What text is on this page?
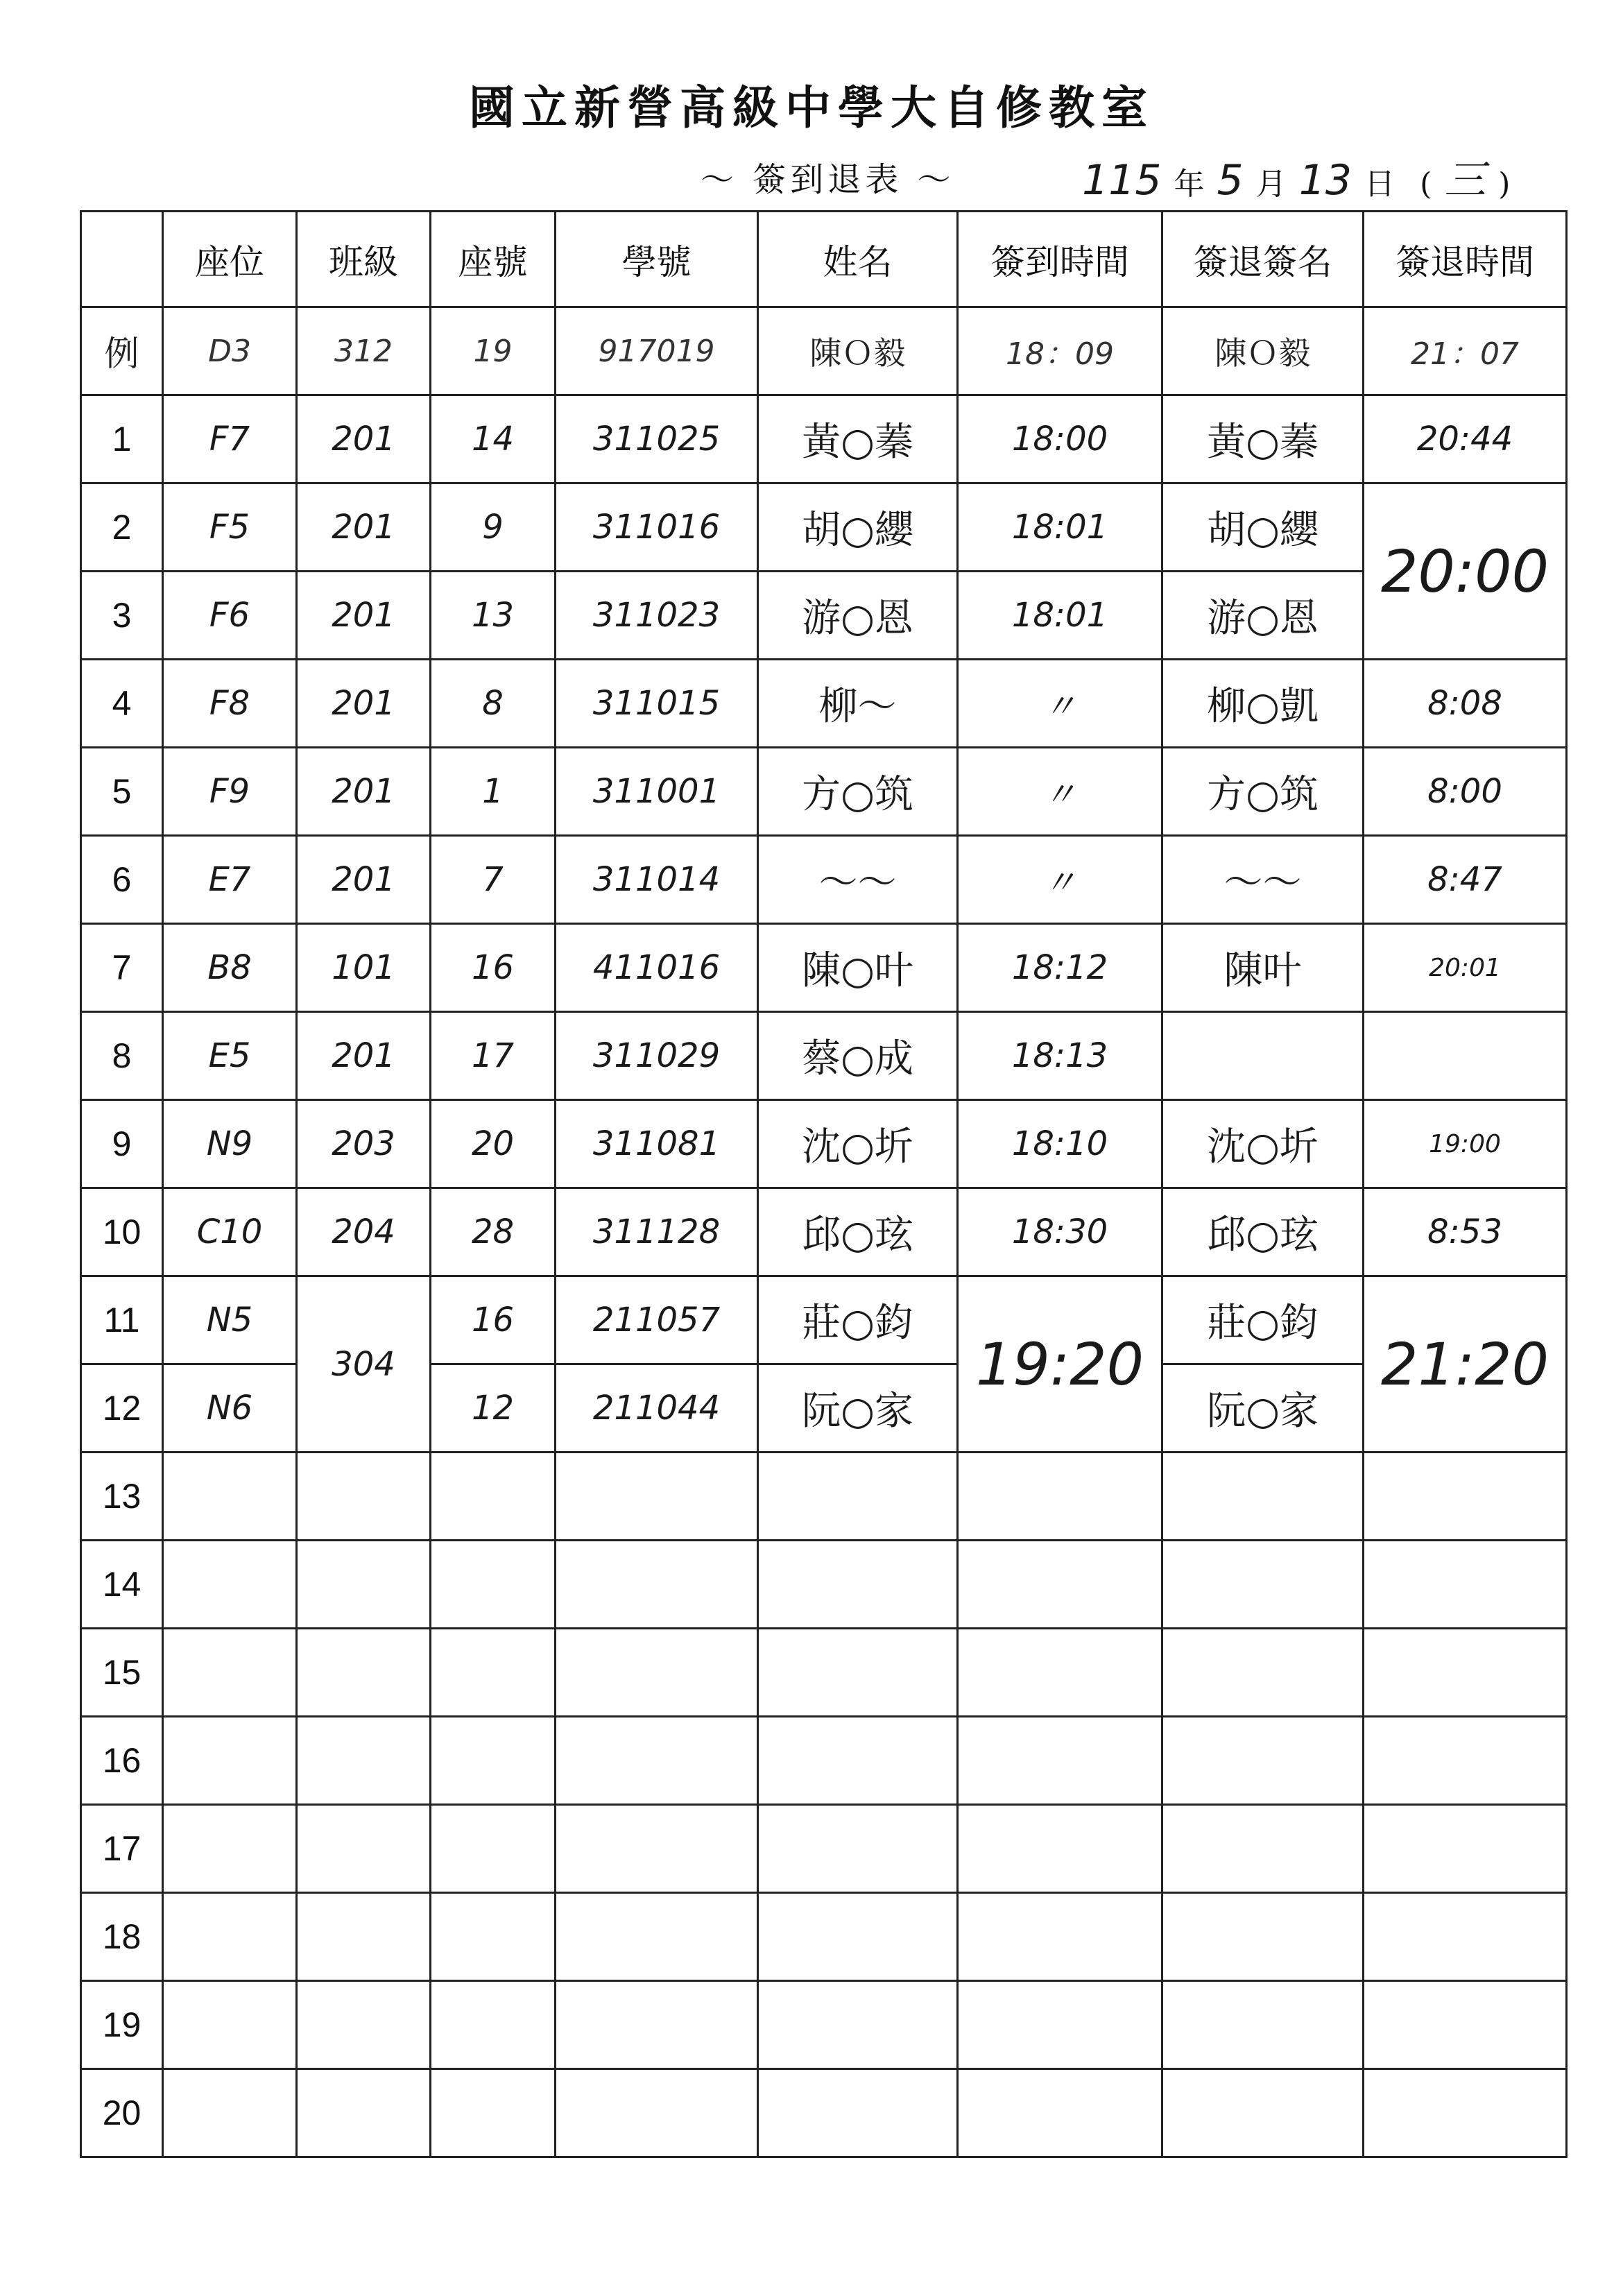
國立新營高級中學大自修教室
～ 簽到退表 ～	115 年 5 月 13 日 ( 三 )
	座位	班級	座號	學號	姓名	簽到時間	簽退簽名	簽退時間
例	D3	312	19	917019	陳Ｏ毅	18：09	陳Ｏ毅	21：07
1	F7	201	14	311025	黃○蓁	18:00	黃○蓁	20:44
2	F5	201	9	311016	胡○纓	18:01	胡○纓	20:00
3	F6	201	13	311023	游○恩	18:01	游○恩	
4	F8	201	8	311015	柳～	〃	柳○凱	8:08
5	F9	201	1	311001	方○筑	〃	方○筑	8:00
6	E7	201	7	311014	～～	〃	～～	8:47
7	B8	101	16	411016	陳○叶	18:12	陳叶	20:01
8	E5	201	17	311029	蔡○成	18:13		
9	N9	203	20	311081	沈○圻	18:10	沈○圻	19:00
10	C10	204	28	311128	邱○玹	18:30	邱○玹	8:53
11	N5	304	16	211057	莊○鈞	19:20	莊○鈞	21:20
12	N6		12	211044	阮○家		阮○家	
13								
14								
15								
16								
17								
18								
19								
20								
